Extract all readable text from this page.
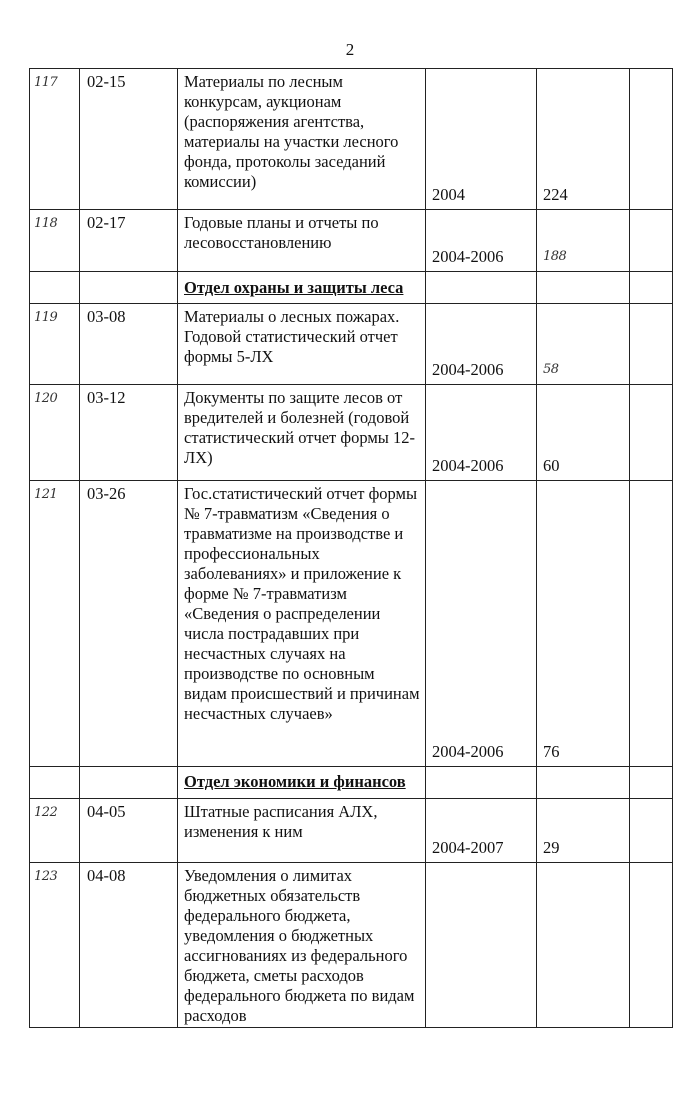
2
117	02-15	Материалы по лесным конкурсам, аукционам (распоряжения агентства, материалы на участки лесного фонда, протоколы заседаний комиссии)	2004	224	
118	02-17	Годовые планы и отчеты по лесовосстановлению	2004-2006	188	
		Отдел охраны и защиты леса			
119	03-08	Материалы о лесных пожарах. Годовой статистический отчет формы 5-ЛХ	2004-2006	58	
120	03-12	Документы по защите лесов от вредителей и болезней (годовой статистический отчет формы 12-ЛХ)	2004-2006	60	
121	03-26	Гос.статистический отчет формы № 7-травматизм «Сведения о травматизме на производстве и профессиональных заболеваниях» и приложение к форме № 7-травматизм «Сведения о распределении числа пострадавших при несчастных случаях на производстве по основным видам происшествий и причинам несчастных случаев»	2004-2006	76	
		Отдел экономики и финансов			
122	04-05	Штатные расписания АЛХ, изменения к ним	2004-2007	29	
123	04-08	Уведомления о лимитах бюджетных обязательств федерального бюджета, уведомления о бюджетных ассигнованиях из федерального бюджета, сметы расходов федерального бюджета по видам расходов			
